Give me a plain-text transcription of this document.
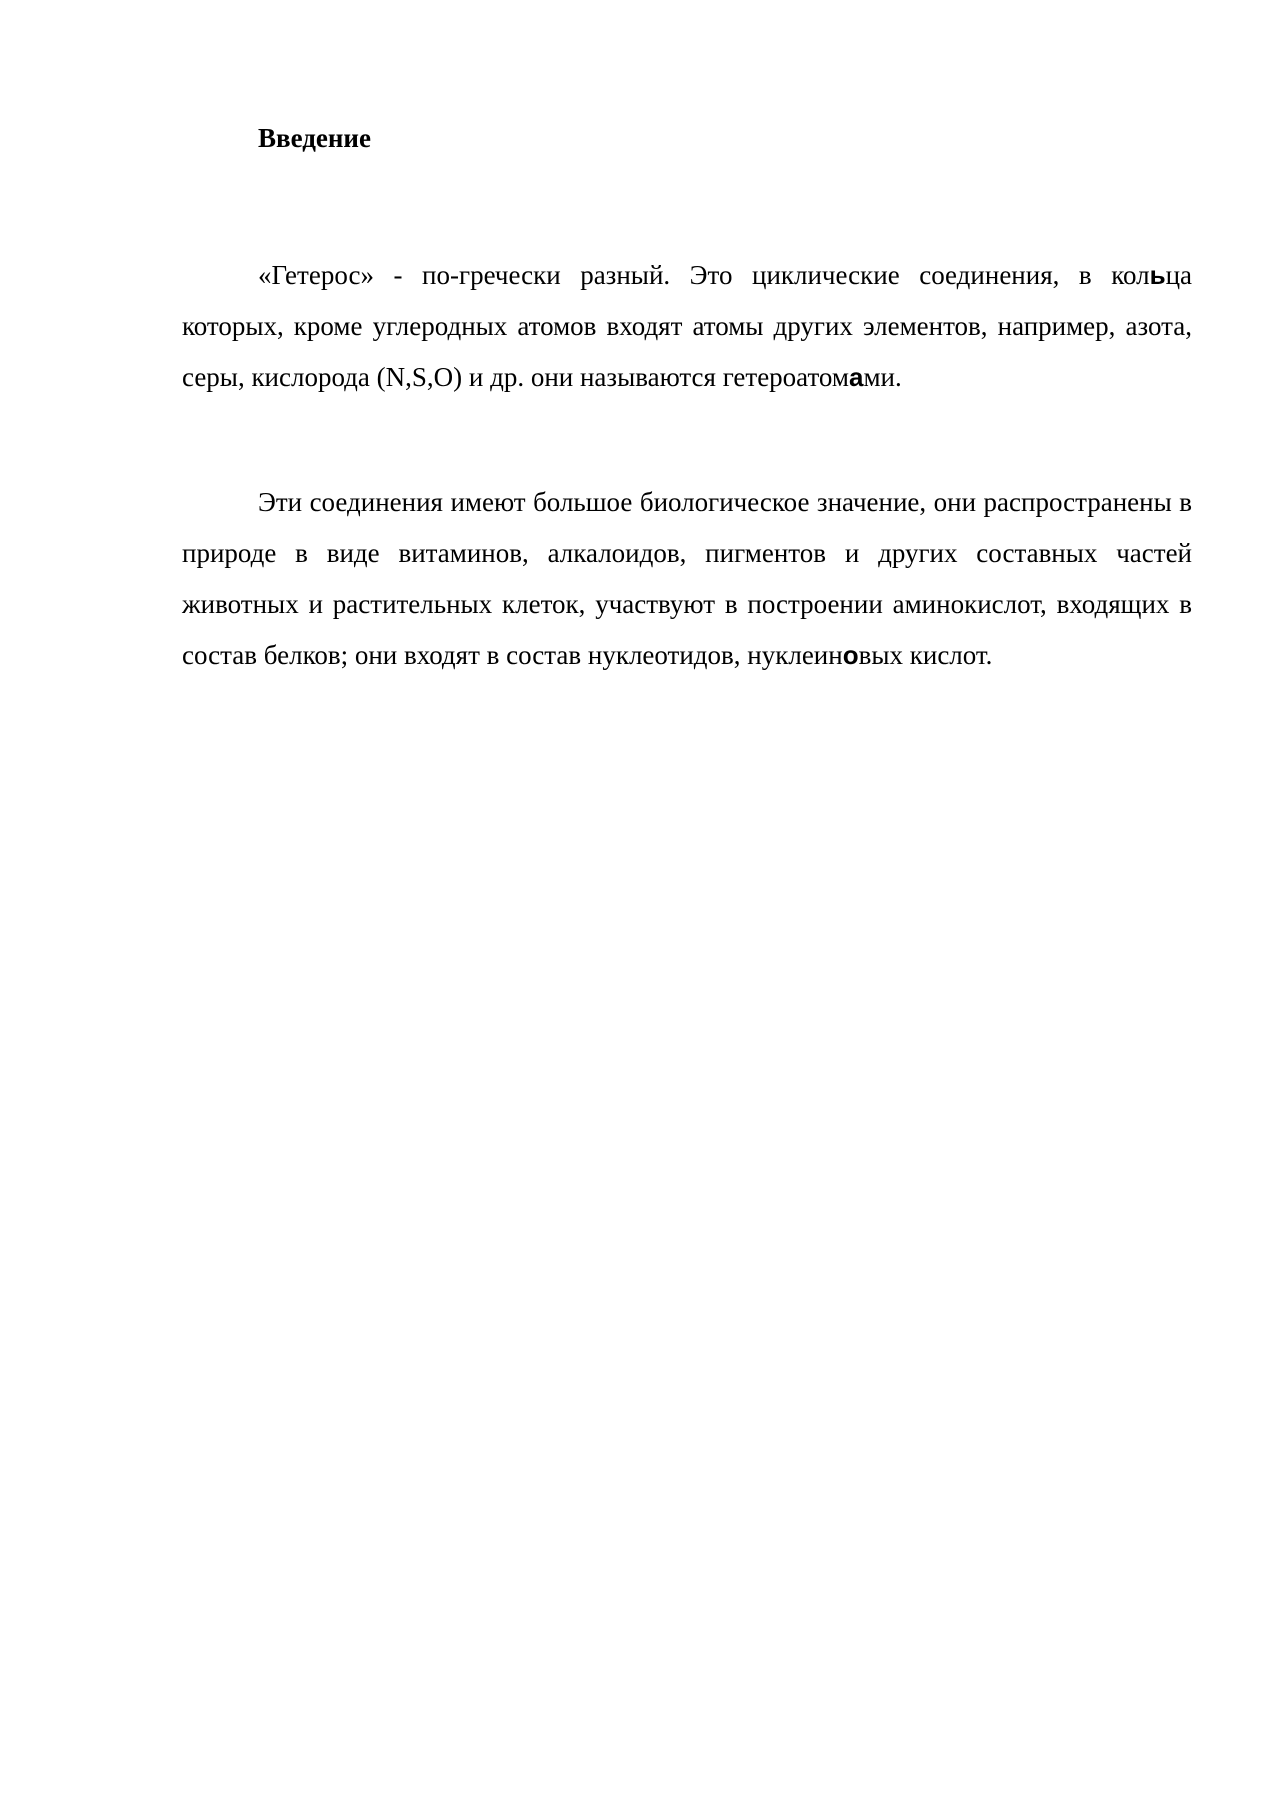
Введение

«Гетерос» - по-гречески разный. Это циклические соединения, в кольца которых, кроме углеродных атомов входят атомы других элементов, например, азота, серы, кислорода (N,S,O) и др. они называются гетероатомами.

Эти соединения имеют большое биологическое значение, они распространены в природе в виде витаминов, алкалоидов, пигментов и других составных частей животных и растительных клеток, участвуют в построении аминокислот, входящих в состав белков; они входят в состав нуклеотидов, нуклеиновых кислот.
